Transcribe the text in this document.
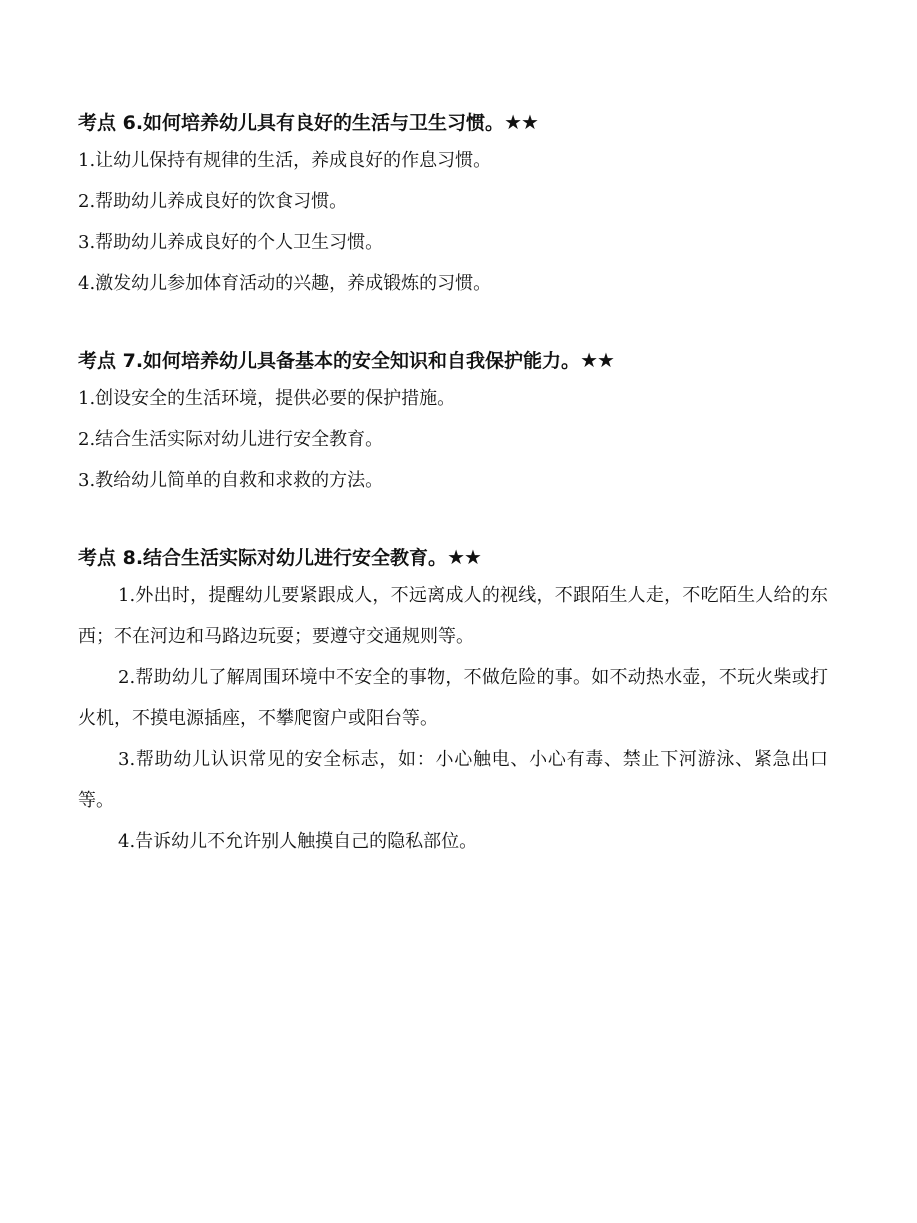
考点 6.如何培养幼儿具有良好的生活与卫生习惯。★★

1.让幼儿保持有规律的生活，养成良好的作息习惯。

2.帮助幼儿养成良好的饮食习惯。

3.帮助幼儿养成良好的个人卫生习惯。

4.激发幼儿参加体育活动的兴趣，养成锻炼的习惯。

考点 7.如何培养幼儿具备基本的安全知识和自我保护能力。★★

1.创设安全的生活环境，提供必要的保护措施。

2.结合生活实际对幼儿进行安全教育。

3.教给幼儿简单的自救和求救的方法。

考点 8.结合生活实际对幼儿进行安全教育。★★

1.外出时，提醒幼儿要紧跟成人，不远离成人的视线，不跟陌生人走，不吃陌生人给的东西；不在河边和马路边玩耍；要遵守交通规则等。

2.帮助幼儿了解周围环境中不安全的事物，不做危险的事。如不动热水壶，不玩火柴或打火机，不摸电源插座，不攀爬窗户或阳台等。

3.帮助幼儿认识常见的安全标志，如：小心触电、小心有毒、禁止下河游泳、紧急出口等。

4.告诉幼儿不允许别人触摸自己的隐私部位。
